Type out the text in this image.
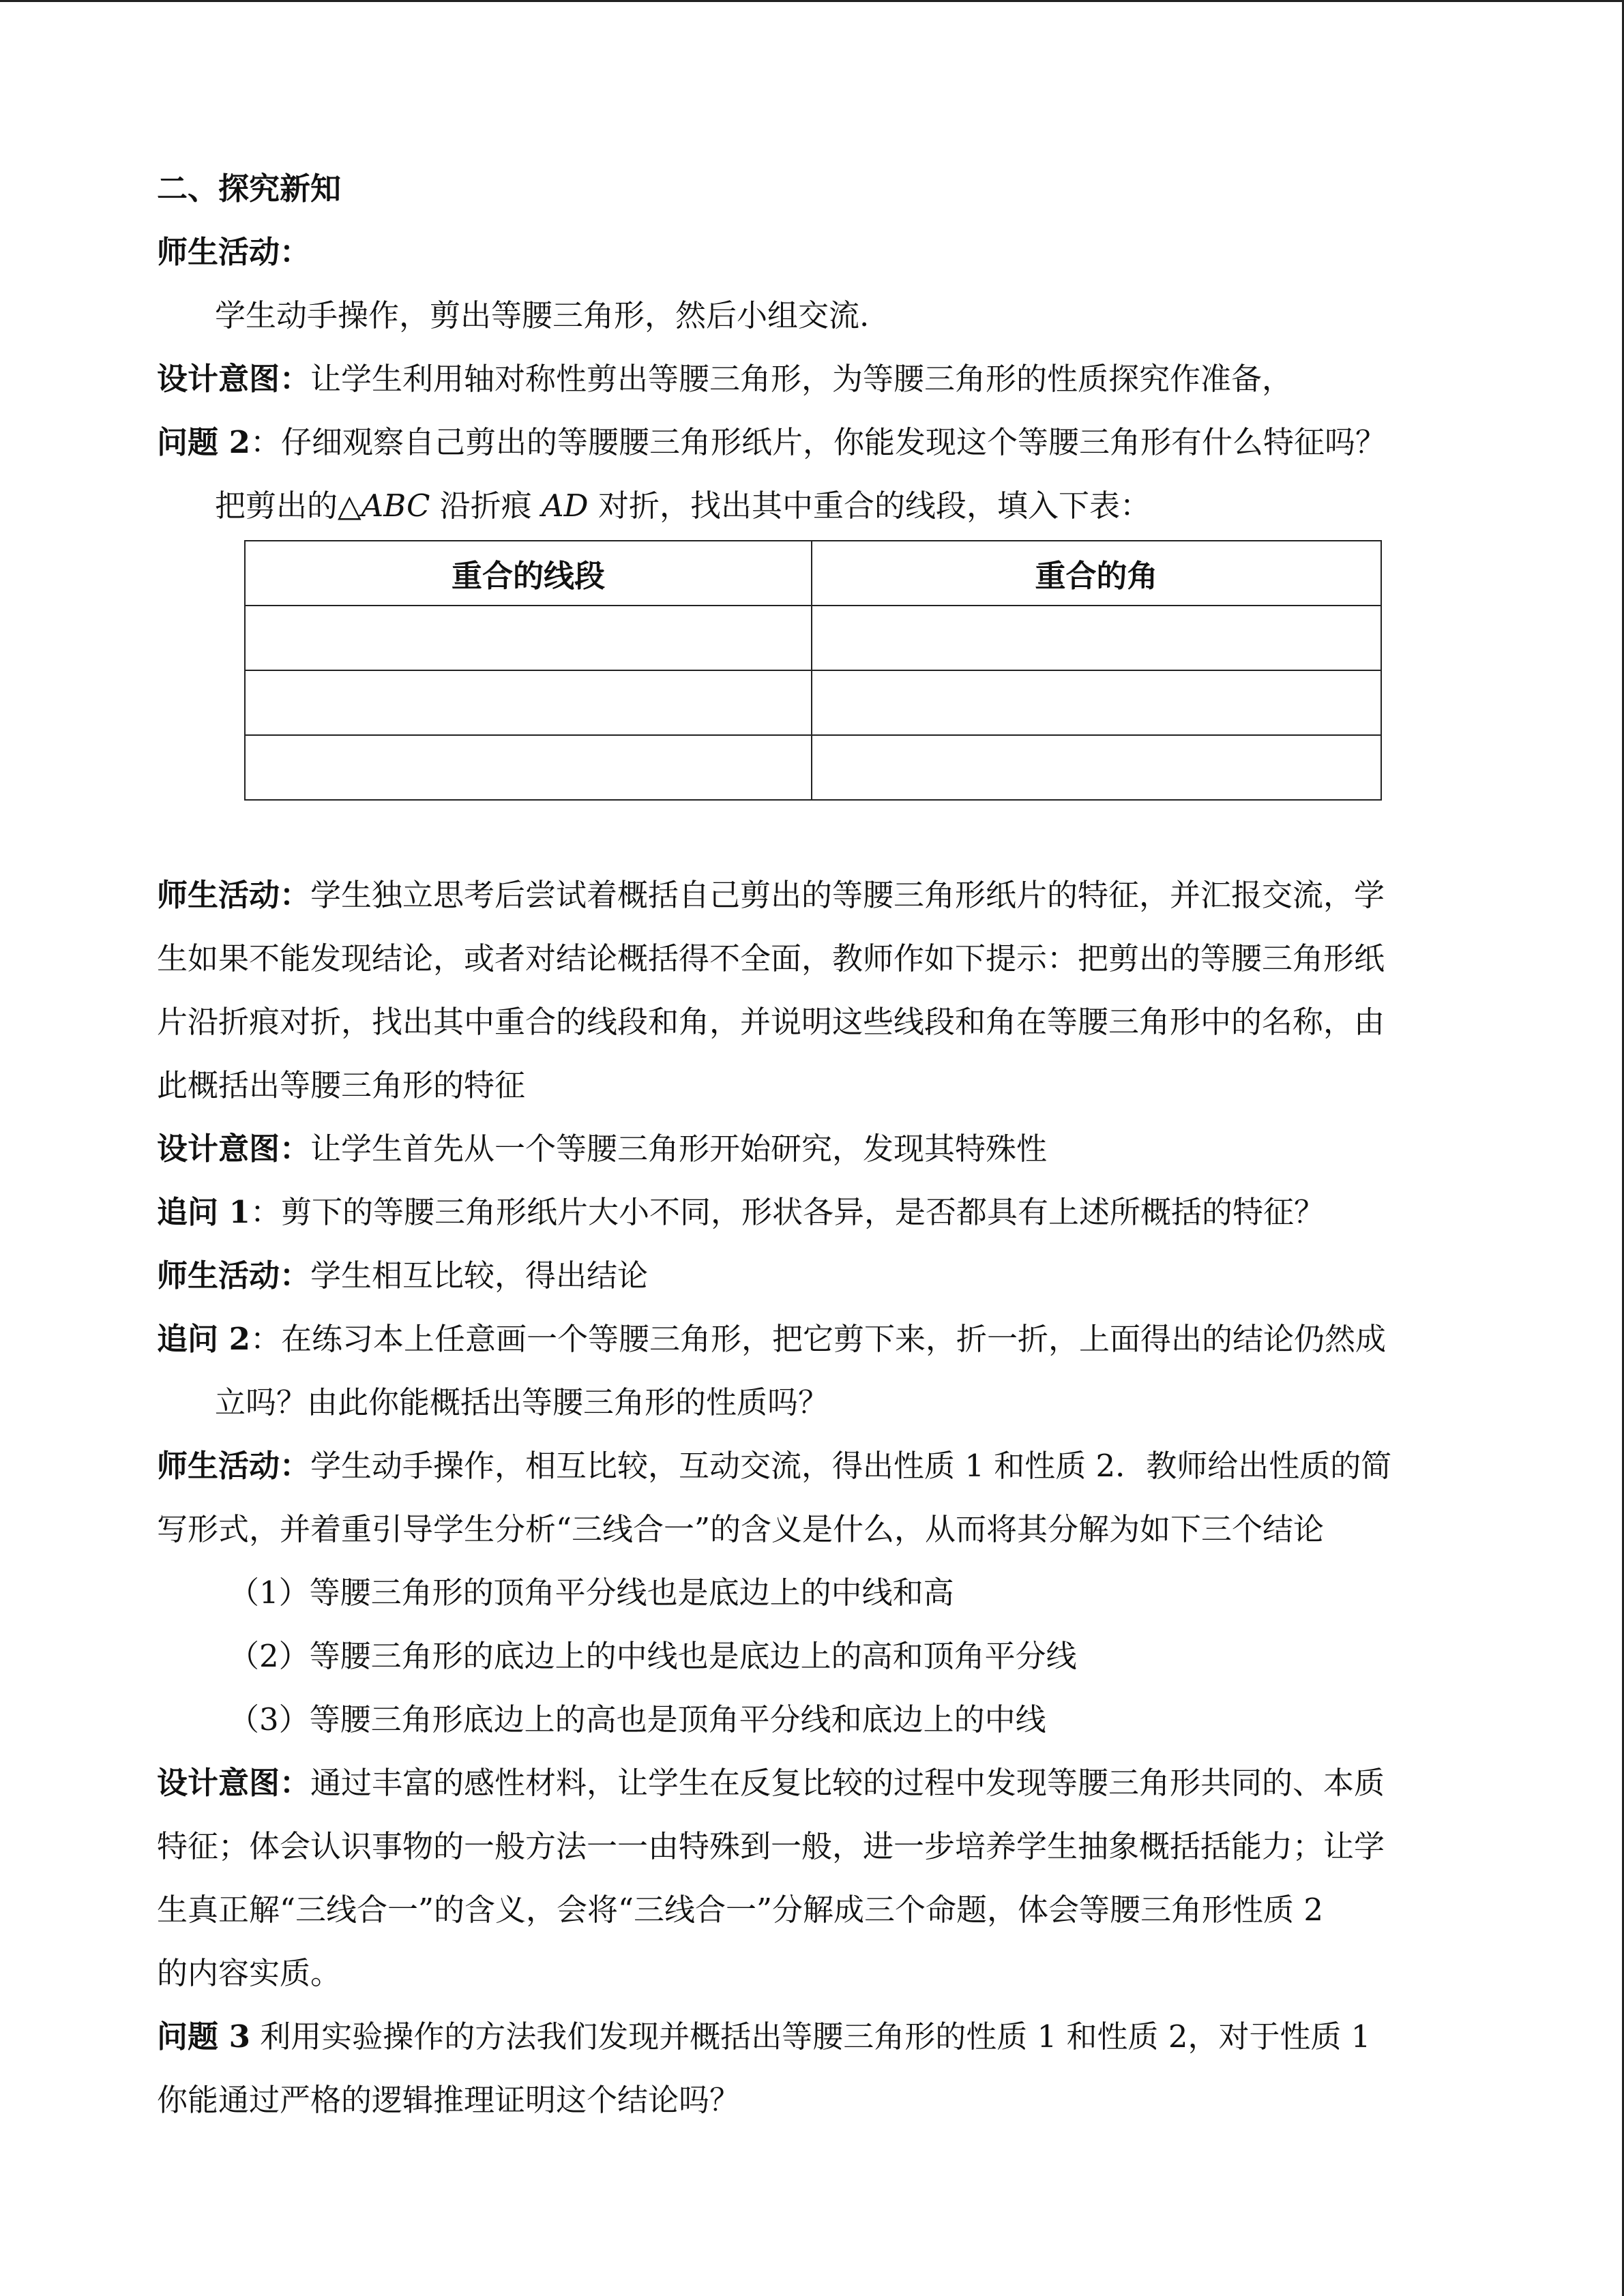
二、探究新知
师生活动：
学生动手操作，剪出等腰三角形，然后小组交流.
设计意图：让学生利用轴对称性剪出等腰三角形，为等腰三角形的性质探究作准备，
问题 2：仔细观察自己剪出的等腰腰三角形纸片，你能发现这个等腰三角形有什么特征吗？
把剪出的△ABC 沿折痕 AD 对折，找出其中重合的线段，填入下表：
重合的线段	重合的角

师生活动：学生独立思考后尝试着概括自己剪出的等腰三角形纸片的特征，并汇报交流，学
生如果不能发现结论，或者对结论概括得不全面，教师作如下提示：把剪出的等腰三角形纸
片沿折痕对折，找出其中重合的线段和角，并说明这些线段和角在等腰三角形中的名称，由
此概括出等腰三角形的特征
设计意图：让学生首先从一个等腰三角形开始研究，发现其特殊性
追问 1：剪下的等腰三角形纸片大小不同，形状各异，是否都具有上述所概括的特征？
师生活动：学生相互比较，得出结论
追问 2：在练习本上任意画一个等腰三角形，把它剪下来，折一折，上面得出的结论仍然成
立吗？由此你能概括出等腰三角形的性质吗？
师生活动：学生动手操作，相互比较，互动交流，得出性质 1 和性质 2．教师给出性质的简
写形式，并着重引导学生分析“三线合一”的含义是什么，从而将其分解为如下三个结论
（1）等腰三角形的顶角平分线也是底边上的中线和高
（2）等腰三角形的底边上的中线也是底边上的高和顶角平分线
（3）等腰三角形底边上的高也是顶角平分线和底边上的中线
设计意图：通过丰富的感性材料，让学生在反复比较的过程中发现等腰三角形共同的、本质
特征；体会认识事物的一般方法一一由特殊到一般，进一步培养学生抽象概括括能力；让学
生真正解“三线合一”的含义，会将“三线合一”分解成三个命题，体会等腰三角形性质 2
的内容实质。
问题 3 利用实验操作的方法我们发现并概括出等腰三角形的性质 1 和性质 2，对于性质 1
你能通过严格的逻辑推理证明这个结论吗？
